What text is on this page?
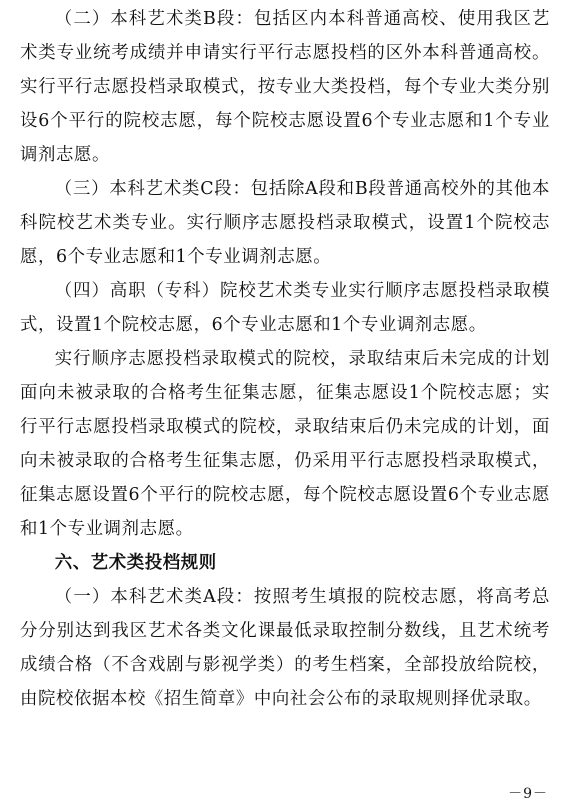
（二）本科艺术类B段：包括区内本科普通高校、使用我区艺术类专业统考成绩并申请实行平行志愿投档的区外本科普通高校。实行平行志愿投档录取模式，按专业大类投档，每个专业大类分别设6个平行的院校志愿，每个院校志愿设置6个专业志愿和1个专业调剂志愿。

（三）本科艺术类C段：包括除A段和B段普通高校外的其他本科院校艺术类专业。实行顺序志愿投档录取模式，设置1个院校志愿，6个专业志愿和1个专业调剂志愿。

（四）高职（专科）院校艺术类专业实行顺序志愿投档录取模式，设置1个院校志愿，6个专业志愿和1个专业调剂志愿。

实行顺序志愿投档录取模式的院校，录取结束后未完成的计划面向未被录取的合格考生征集志愿，征集志愿设1个院校志愿；实行平行志愿投档录取模式的院校，录取结束后仍未完成的计划，面向未被录取的合格考生征集志愿，仍采用平行志愿投档录取模式，征集志愿设置6个平行的院校志愿，每个院校志愿设置6个专业志愿和1个专业调剂志愿。

六、艺术类投档规则

（一）本科艺术类A段：按照考生填报的院校志愿，将高考总分分别达到我区艺术各类文化课最低录取控制分数线，且艺术统考成绩合格（不含戏剧与影视学类）的考生档案，全部投放给院校，由院校依据本校《招生简章》中向社会公布的录取规则择优录取。

－9－
